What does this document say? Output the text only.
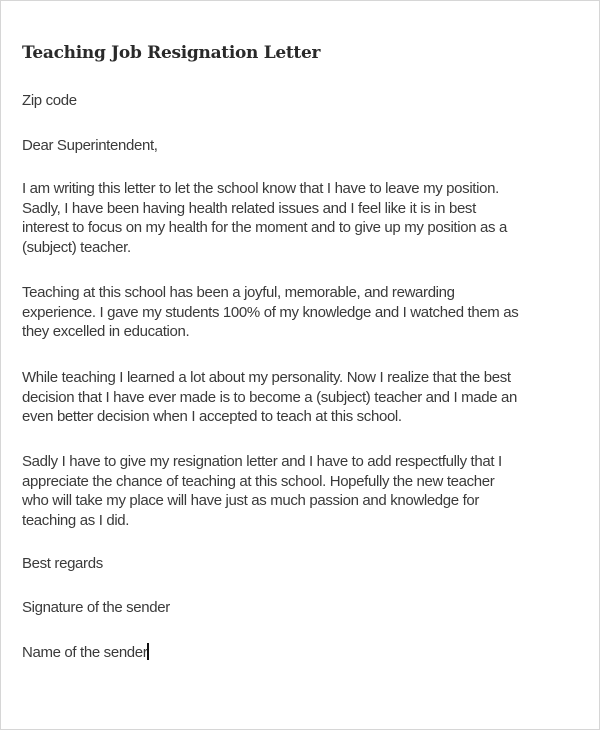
Teaching Job Resignation Letter
Zip code
Dear Superintendent,
I am writing this letter to let the school know that I have to leave my position.
Sadly, I have been having health related issues and I feel like it is in best
interest to focus on my health for the moment and to give up my position as a
(subject) teacher.
Teaching at this school has been a joyful, memorable, and rewarding
experience. I gave my students 100% of my knowledge and I watched them as
they excelled in education.
While teaching I learned a lot about my personality. Now I realize that the best
decision that I have ever made is to become a (subject) teacher and I made an
even better decision when I accepted to teach at this school.
Sadly I have to give my resignation letter and I have to add respectfully that I
appreciate the chance of teaching at this school. Hopefully the new teacher
who will take my place will have just as much passion and knowledge for
teaching as I did.
Best regards
Signature of the sender
Name of the sender
